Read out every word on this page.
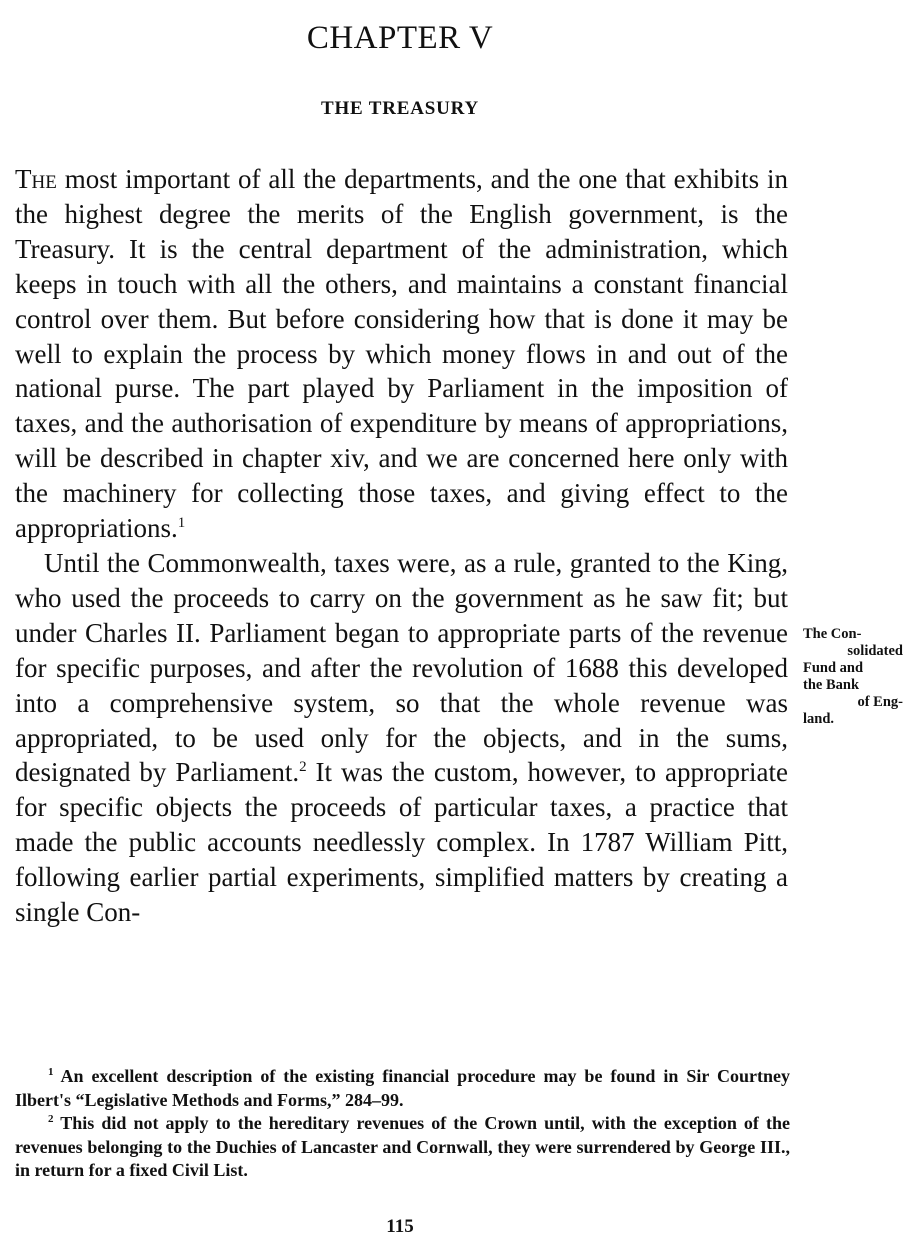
CHAPTER V
THE TREASURY

The most important of all the departments, and the one that exhibits in the highest degree the merits of the English government, is the Treasury. It is the central department of the administration, which keeps in touch with all the others, and maintains a constant financial control over them. But before considering how that is done it may be well to explain the process by which money flows in and out of the national purse. The part played by Parliament in the imposition of taxes, and the authorisation of expenditure by means of appropriations, will be described in chapter xiv, and we are concerned here only with the machinery for collecting those taxes, and giving effect to the appropriations.$^1$

Until the Commonwealth, taxes were, as a rule, granted to the King, who used the proceeds to carry on the government as he saw fit; but under Charles II. Parliament began to appropriate parts of the revenue for specific purposes, and after the revolution of 1688 this developed into a comprehensive system, so that the whole revenue was appropriated, to be used only for the objects, and in the sums, designated by Parliament.$^2$ It was the custom, however, to appropriate for specific objects the proceeds of particular taxes, a practice that made the public accounts needlessly complex. In 1787 William Pitt, following earlier partial experiments, simplified matters by creating a single Con-

The Con-
solidated
Fund and
the Bank
of Eng-
land.

$^1$ An excellent description of the existing financial procedure may be found in Sir Courtney Ilbert's “Legislative Methods and Forms,” 284–99.

$^2$ This did not apply to the hereditary revenues of the Crown until, with the exception of the revenues belonging to the Duchies of Lancaster and Cornwall, they were surrendered by George III., in return for a fixed Civil List.

115
